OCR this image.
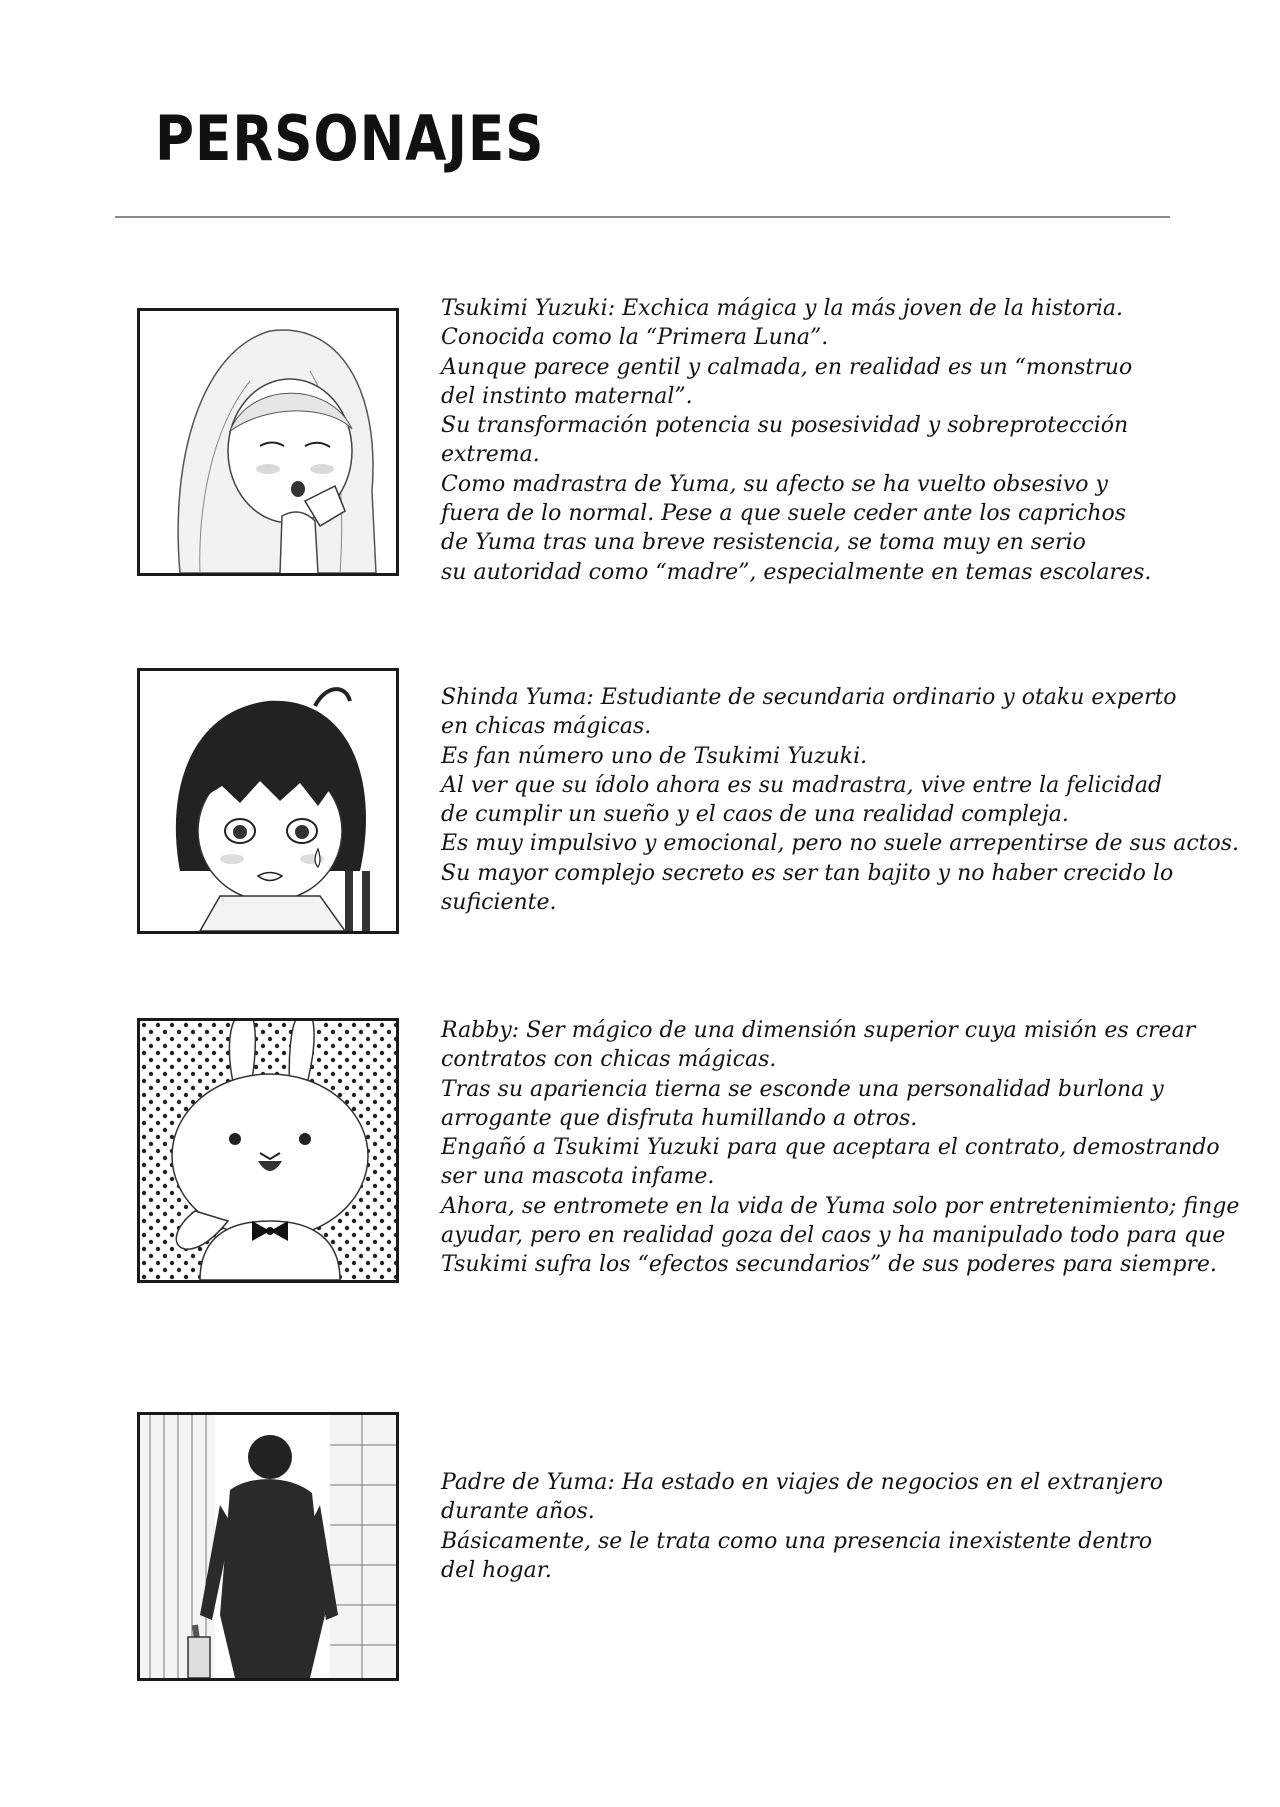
PERSONAJES

Tsukimi Yuzuki: Exchica mágica y la más joven de la historia.

Conocida como la “Primera Luna”.

Aunque parece gentil y calmada, en realidad es un “monstruo

del instinto maternal”.

Su transformación potencia su posesividad y sobreprotección

extrema.

Como madrastra de Yuma, su afecto se ha vuelto obsesivo y

fuera de lo normal. Pese a que suele ceder ante los caprichos

de Yuma tras una breve resistencia, se toma muy en serio

su autoridad como “madre”, especialmente en temas escolares.

Shinda Yuma: Estudiante de secundaria ordinario y otaku experto

en chicas mágicas.

Es fan número uno de Tsukimi Yuzuki.

Al ver que su ídolo ahora es su madrastra, vive entre la felicidad

de cumplir un sueño y el caos de una realidad compleja.

Es muy impulsivo y emocional, pero no suele arrepentirse de sus actos.

Su mayor complejo secreto es ser tan bajito y no haber crecido lo

suficiente.

Rabby: Ser mágico de una dimensión superior cuya misión es crear

contratos con chicas mágicas.

Tras su apariencia tierna se esconde una personalidad burlona y

arrogante que disfruta humillando a otros.

Engañó a Tsukimi Yuzuki para que aceptara el contrato, demostrando

ser una mascota infame.

Ahora, se entromete en la vida de Yuma solo por entretenimiento; finge

ayudar, pero en realidad goza del caos y ha manipulado todo para que

Tsukimi sufra los “efectos secundarios” de sus poderes para siempre.

Padre de Yuma: Ha estado en viajes de negocios en el extranjero

durante años.

Básicamente, se le trata como una presencia inexistente dentro

del hogar.
